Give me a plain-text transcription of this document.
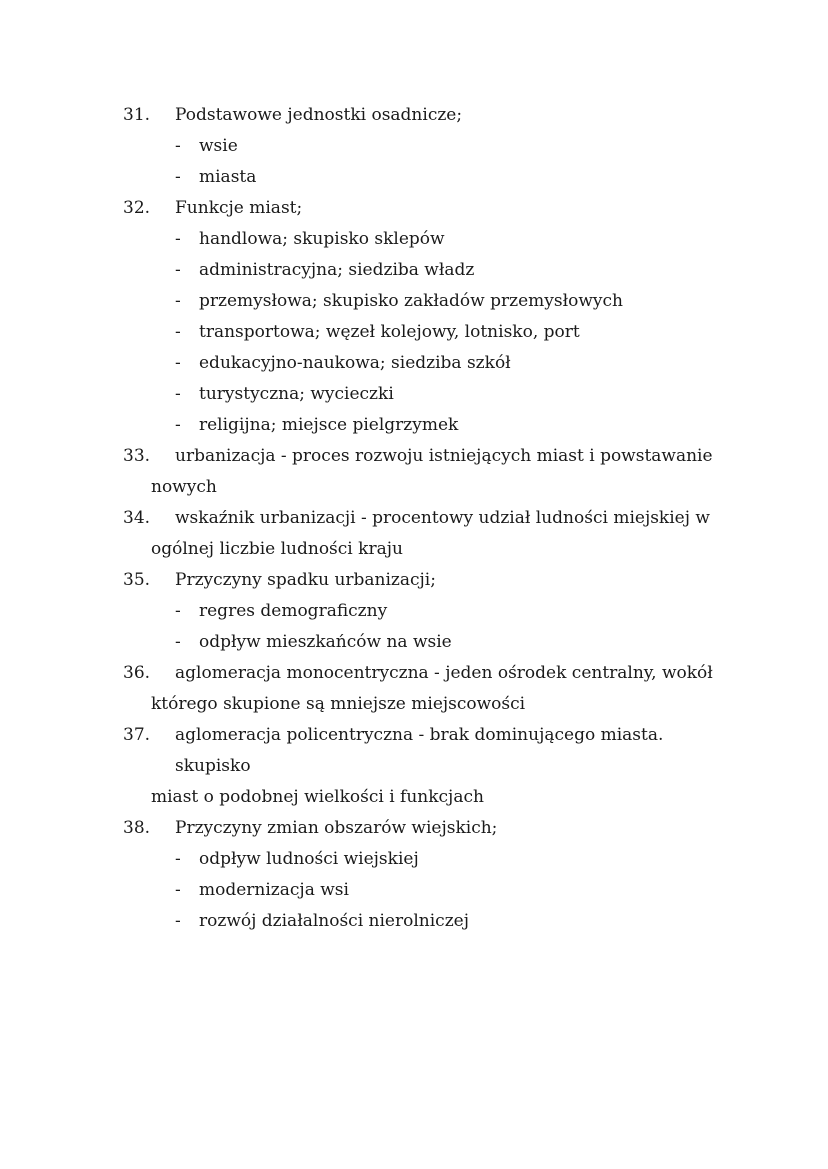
31.	Podstawowe jednostki osadnicze;
-	wsie
-	miasta
32.	Funkcje miast;
-	handlowa; skupisko sklepów
-	administracyjna; siedziba władz
-	przemysłowa; skupisko zakładów przemysłowych
-	transportowa; węzeł kolejowy, lotnisko, port
-	edukacyjno-naukowa; siedziba szkół
-	turystyczna; wycieczki
-	religijna; miejsce pielgrzymek
33.	urbanizacja - proces rozwoju istniejących miast i powstawanie
nowych
34.	wskaźnik urbanizacji - procentowy udział ludności miejskiej w
ogólnej liczbie ludności kraju
35.	Przyczyny spadku urbanizacji;
-	regres demograficzny
-	odpływ mieszkańców na wsie
36.	aglomeracja monocentryczna - jeden ośrodek centralny, wokół
którego skupione są mniejsze miejscowości
37.	aglomeracja policentryczna - brak dominującego miasta. skupisko
miast o podobnej wielkości i funkcjach
38.	Przyczyny zmian obszarów wiejskich;
-	odpływ ludności wiejskiej
-	modernizacja wsi
-	rozwój działalności nierolniczej
